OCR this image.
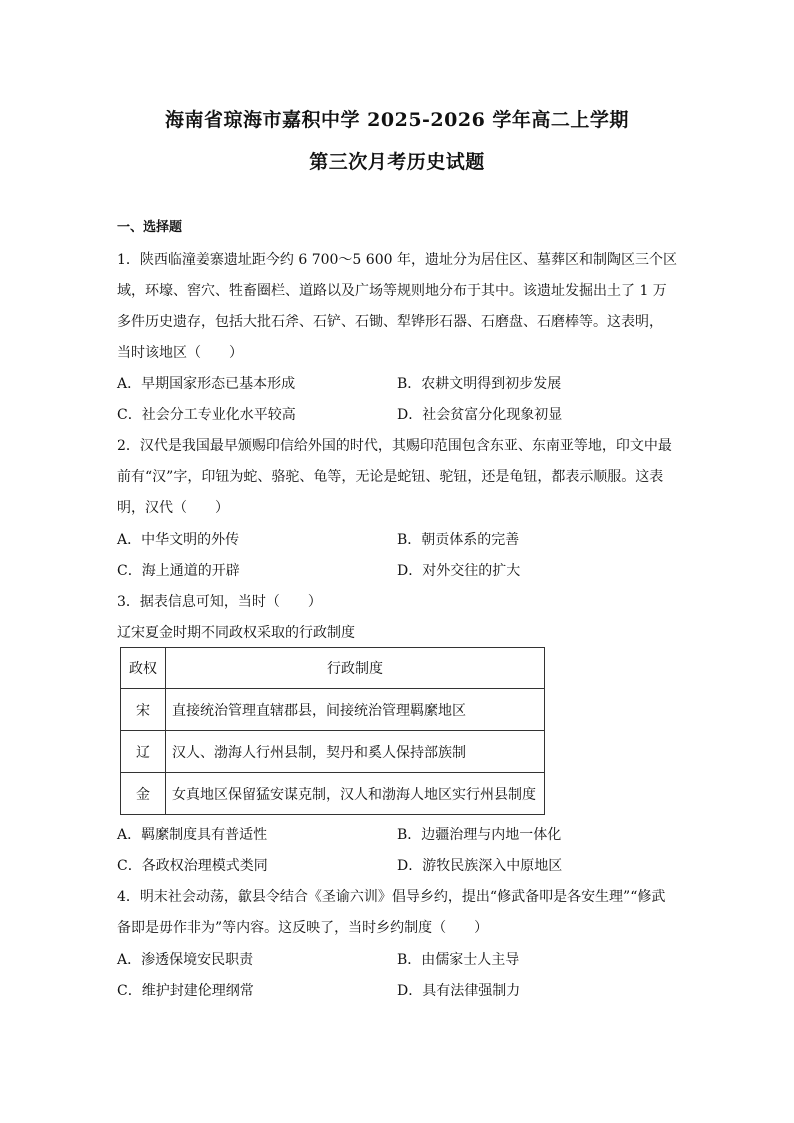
海南省琼海市嘉积中学 2025-2026 学年高二上学期
第三次月考历史试题
一、选择题
1．陕西临潼姜寨遗址距今约 6 700～5 600 年，遗址分为居住区、墓葬区和制陶区三个区
域，环壕、窖穴、牲畜圈栏、道路以及广场等规则地分布于其中。该遗址发掘出土了 1 万
多件历史遗存，包括大批石斧、石铲、石锄、犁铧形石器、石磨盘、石磨棒等。这表明，
当时该地区（　　）
A．早期国家形态已基本形成	B．农耕文明得到初步发展
C．社会分工专业化水平较高	D．社会贫富分化现象初显
2．汉代是我国最早颁赐印信给外国的时代，其赐印范围包含东亚、东南亚等地，印文中最
前有“汉”字，印钮为蛇、骆驼、龟等，无论是蛇钮、驼钮，还是龟钮，都表示顺服。这表
明，汉代（　　）
A．中华文明的外传	B．朝贡体系的完善
C．海上通道的开辟	D．对外交往的扩大
3．据表信息可知，当时（　　）
辽宋夏金时期不同政权采取的行政制度
政权	行政制度
宋	直接统治管理直辖郡县，间接统治管理羁縻地区
辽	汉人、渤海人行州县制，契丹和奚人保持部族制
金	女真地区保留猛安谋克制，汉人和渤海人地区实行州县制度
A．羁縻制度具有普适性	B．边疆治理与内地一体化
C．各政权治理模式类同	D．游牧民族深入中原地区
4．明末社会动荡，歙县令结合《圣谕六训》倡导乡约，提出“修武备叩是各安生理”“修武
备即是毋作非为”等内容。这反映了，当时乡约制度（　　）
A．渗透保境安民职责	B．由儒家士人主导
C．维护封建伦理纲常	D．具有法律强制力
